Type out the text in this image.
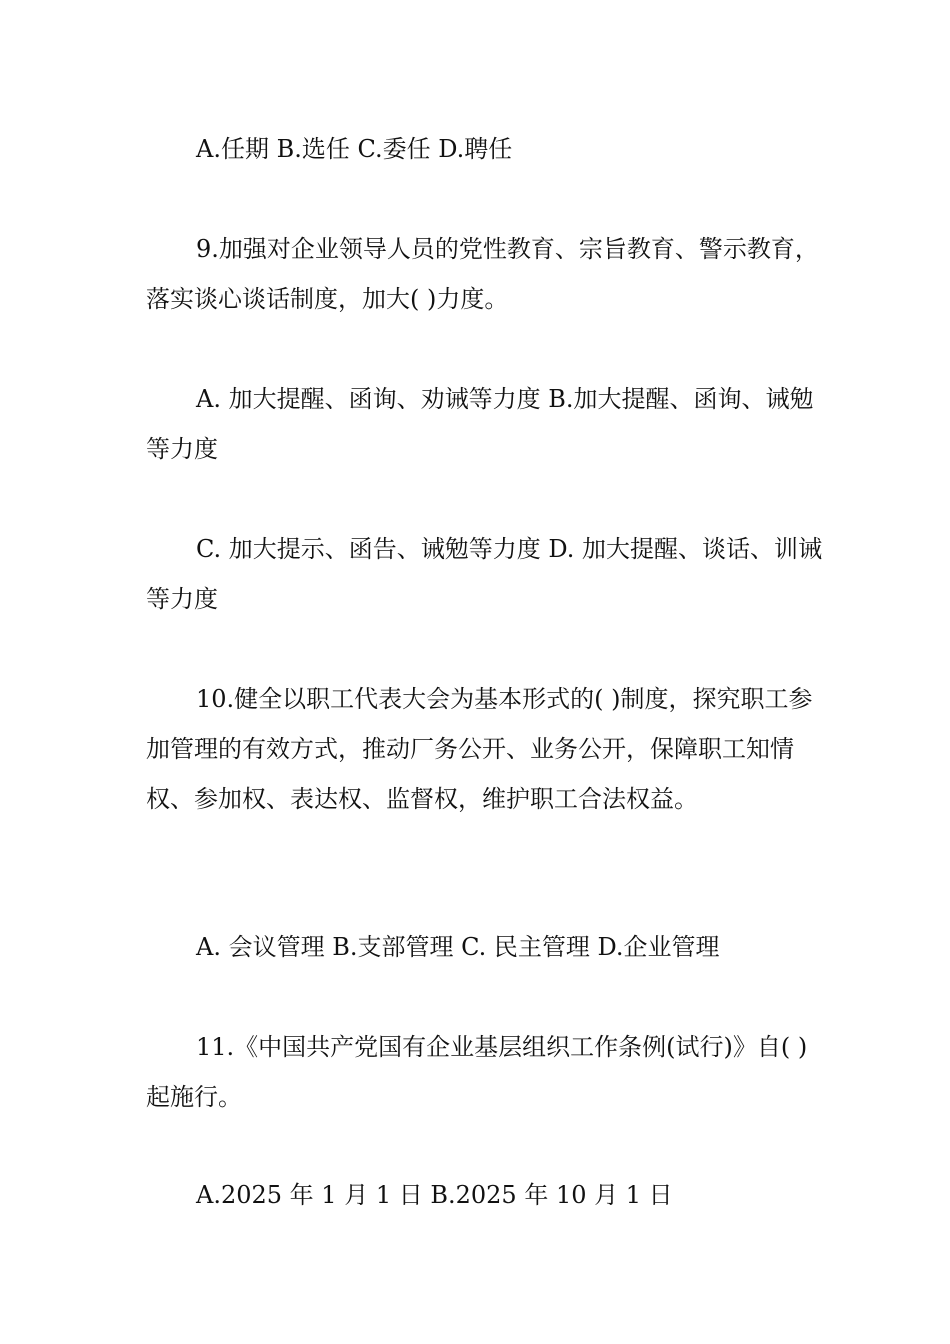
A.任期 B.选任 C.委任 D.聘任

9.加强对企业领导人员的党性教育、宗旨教育、警示教育，落实谈心谈话制度，加大( )力度。

A. 加大提醒、函询、劝诫等力度 B.加大提醒、函询、诫勉等力度

C. 加大提示、函告、诫勉等力度 D. 加大提醒、谈话、训诫等力度

10.健全以职工代表大会为基本形式的( )制度，探究职工参加管理的有效方式，推动厂务公开、业务公开，保障职工知情权、参加权、表达权、监督权，维护职工合法权益。

A. 会议管理 B.支部管理 C. 民主管理 D.企业管理

11.《中国共产党国有企业基层组织工作条例(试行)》自( )起施行。

A.2025 年 1 月 1 日 B.2025 年 10 月 1 日
